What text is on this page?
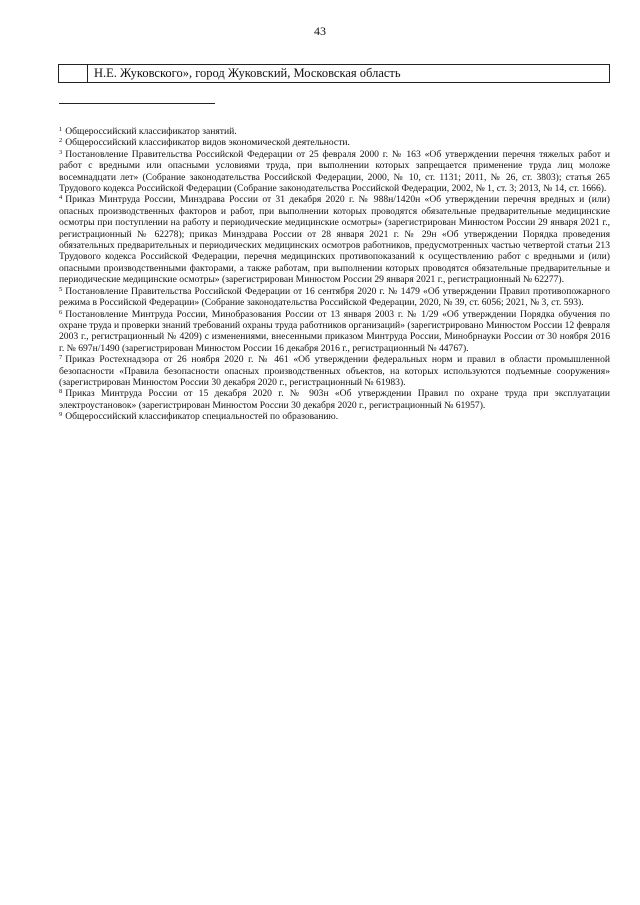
43
Н.Е. Жуковского», город Жуковский, Московская область

$^1$ Общероссийский классификатор занятий.

$^2$ Общероссийский классификатор видов экономической деятельности.

$^3$ Постановление Правительства Российской Федерации от 25 февраля 2000 г. № 163 «Об утверждении перечня тяжелых работ и работ с вредными или опасными условиями труда, при выполнении которых запрещается применение труда лиц моложе восемнадцати лет» (Собрание законодательства Российской Федерации, 2000, № 10, ст. 1131; 2011, № 26, ст. 3803); статья 265 Трудового кодекса Российской Федерации (Собрание законодательства Российской Федерации, 2002, № 1, ст. 3; 2013, № 14, ст. 1666).

$^4$ Приказ Минтруда России, Минздрава России от 31 декабря 2020 г. № 988н/1420н «Об утверждении перечня вредных и (или) опасных производственных факторов и работ, при выполнении которых проводятся обязательные предварительные медицинские осмотры при поступлении на работу и периодические медицинские осмотры» (зарегистрирован Минюстом России 29 января 2021 г., регистрационный № 62278); приказ Минздрава России от 28 января 2021 г. № 29н «Об утверждении Порядка проведения обязательных предварительных и периодических медицинских осмотров работников, предусмотренных частью четвертой статьи 213 Трудового кодекса Российской Федерации, перечня медицинских противопоказаний к осуществлению работ с вредными и (или) опасными производственными факторами, а также работам, при выполнении которых проводятся обязательные предварительные и периодические медицинские осмотры» (зарегистрирован Минюстом России 29 января 2021 г., регистрационный № 62277).

$^5$ Постановление Правительства Российской Федерации от 16 сентября 2020 г. № 1479 «Об утверждении Правил противопожарного режима в Российской Федерации» (Собрание законодательства Российской Федерации, 2020, № 39, ст. 6056; 2021, № 3, ст. 593).

$^6$ Постановление Минтруда России, Минобразования России от 13 января 2003 г. № 1/29 «Об утверждении Порядка обучения по охране труда и проверки знаний требований охраны труда работников организаций» (зарегистрировано Минюстом России 12 февраля 2003 г., регистрационный № 4209) с изменениями, внесенными приказом Минтруда России, Минобрнауки России от 30 ноября 2016 г. № 697н/1490 (зарегистрирован Минюстом России 16 декабря 2016 г., регистрационный № 44767).

$^7$ Приказ Ростехнадзора от 26 ноября 2020 г. № 461 «Об утверждении федеральных норм и правил в области промышленной безопасности «Правила безопасности опасных производственных объектов, на которых используются подъемные сооружения» (зарегистрирован Минюстом России 30 декабря 2020 г., регистрационный № 61983).

$^8$ Приказ Минтруда России от 15 декабря 2020 г. № 903н «Об утверждении Правил по охране труда при эксплуатации электроустановок» (зарегистрирован Минюстом России 30 декабря 2020 г., регистрационный № 61957).

$^9$ Общероссийский классификатор специальностей по образованию.
